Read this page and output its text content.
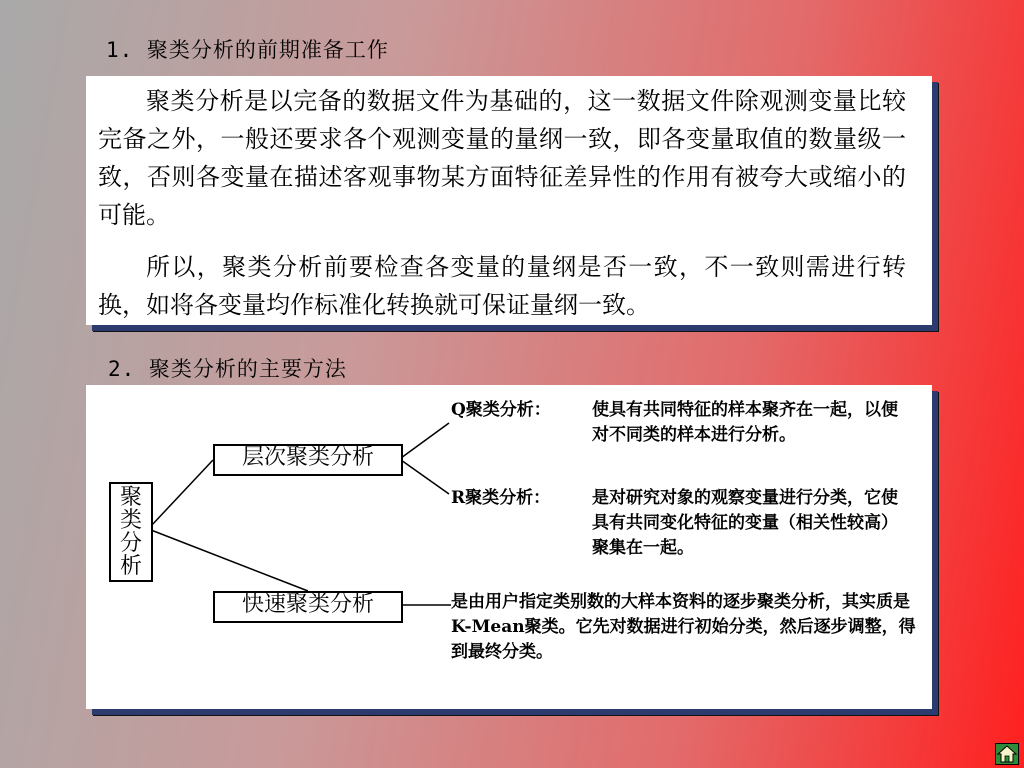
1. 聚类分析的前期准备工作

聚类分析是以完备的数据文件为基础的，这一数据文件除观测变量比较完备之外，一般还要求各个观测变量的量纲一致，即各变量取值的数量级一致，否则各变量在描述客观事物某方面特征差异性的作用有被夸大或缩小的可能。

所以，聚类分析前要检查各变量的量纲是否一致，不一致则需进行转换，如将各变量均作标准化转换就可保证量纲一致。

2. 聚类分析的主要方法
聚
类
分
析
层次聚类分析
快速聚类分析
Q聚类分析： 使具有共同特征的样本聚齐在一起，以便对不同类的样本进行分析。
R聚类分析： 是对研究对象的观察变量进行分类，它使具有共同变化特征的变量（相关性较高）聚集在一起。
是由用户指定类别数的大样本资料的逐步聚类分析，其实质是K-Mean聚类。它先对数据进行初始分类，然后逐步调整，得到最终分类。
